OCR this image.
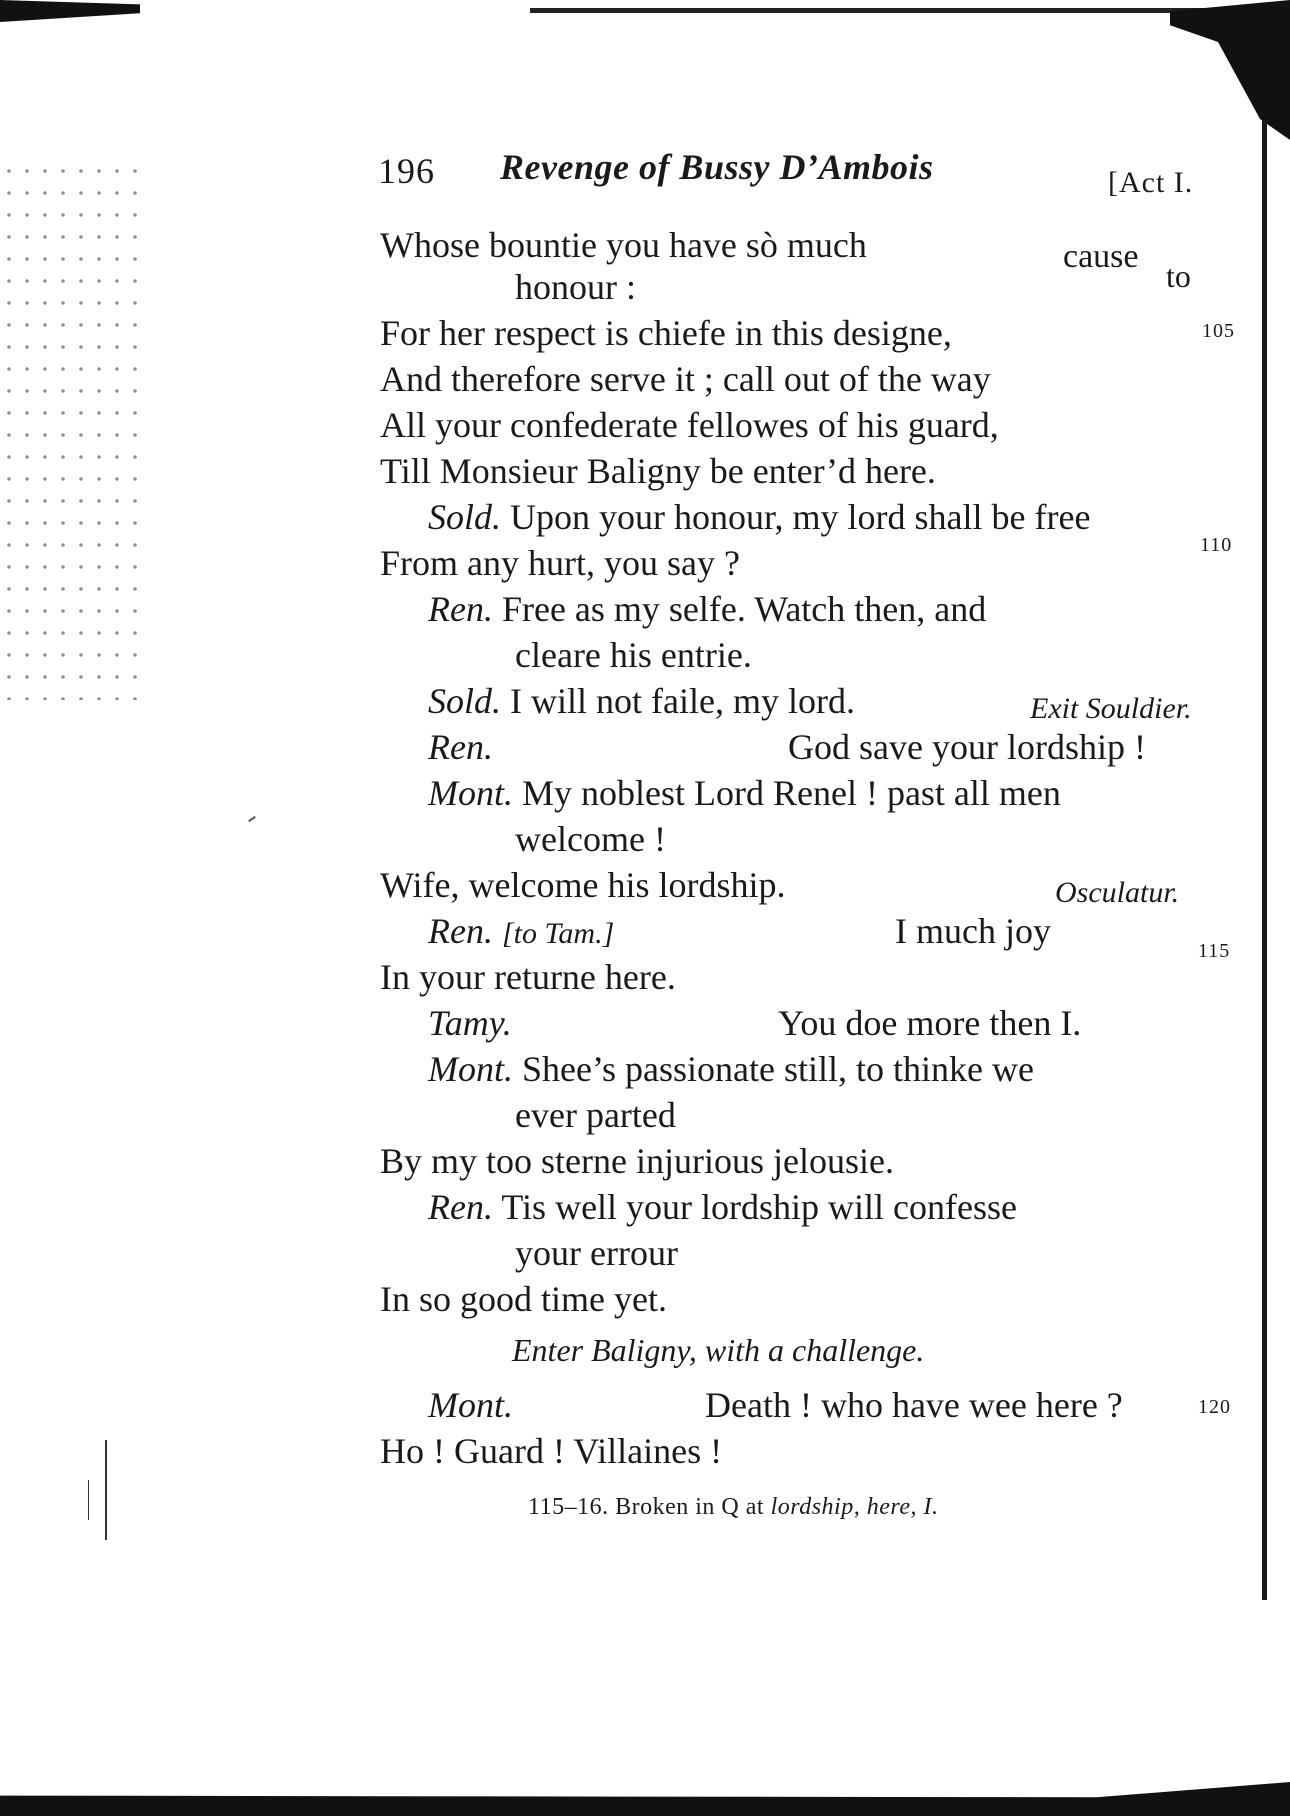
196 Revenge of Bussy D’Ambois	[Act I.

Whose bountie you have sò much	cause
to

honour :

For her respect is chiefe in this designe,	105

And therefore serve it ; call out of the way

All your confederate fellowes of his guard,

Till Monsieur Baligny be enter’d here.

Sold. Upon your honour, my lord shall be free

110

From any hurt, you say ?

Ren. Free as my selfe. Watch then, and

cleare his entrie.

Sold. I will not faile, my lord.	Exit Souldier.

Ren.	God save your lordship !

Mont. My noblest Lord Renel ! past all men

welcome !

Wife, welcome his lordship.	Osculatur.

Ren. [to Tam.]	I much joy	115

In your returne here.

Tamy.	You doe more then I.

Mont. Shee’s passionate still, to thinke we

ever parted

By my too sterne injurious jelousie.

Ren. Tis well your lordship will confesse

your errour

In so good time yet.

Enter Baligny, with a challenge.

Mont.	Death ! who have wee here ?	120

Ho ! Guard ! Villaines !

115–16. Broken in Q at lordship, here, I.
